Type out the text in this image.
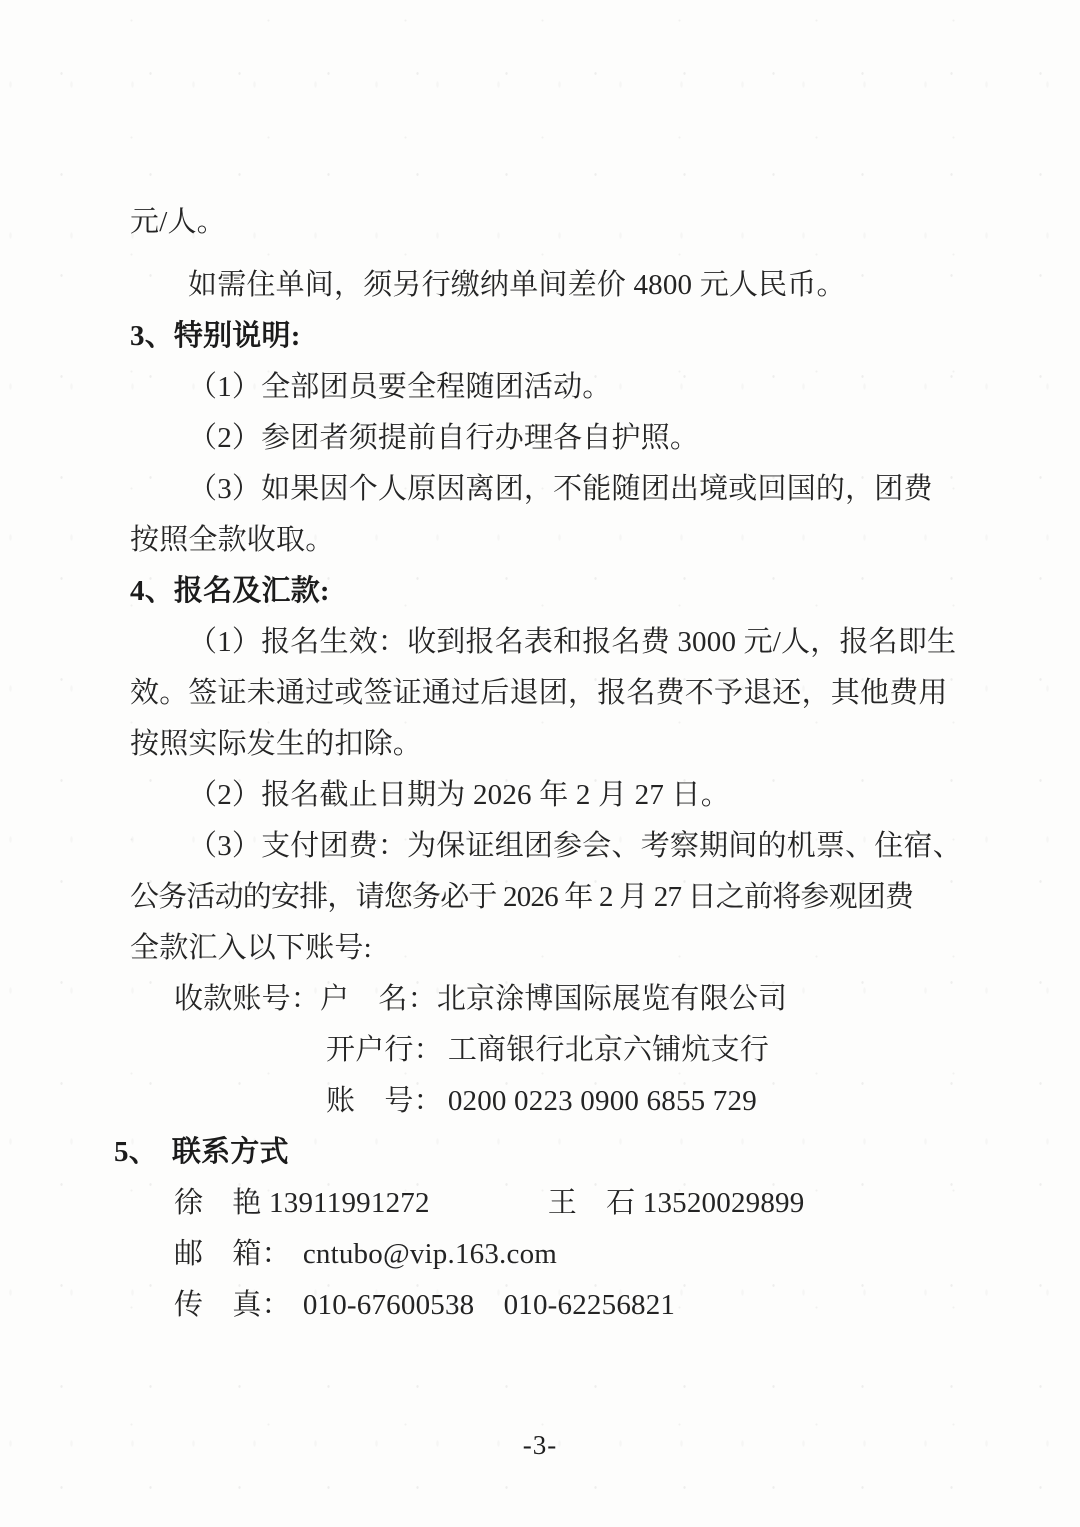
元/人。
如需住单间，须另行缴纳单间差价 4800 元人民币。
3、特别说明:
（1）全部团员要全程随团活动。
（2）参团者须提前自行办理各自护照。
（3）如果因个人原因离团，不能随团出境或回国的，团费
按照全款收取。
4、报名及汇款:
（1）报名生效：收到报名表和报名费 3000 元/人，报名即生
效。签证未通过或签证通过后退团，报名费不予退还，其他费用
按照实际发生的扣除。
（2）报名截止日期为 2026 年 2 月 27 日。
（3）支付团费：为保证组团参会、考察期间的机票、住宿、
公务活动的安排，请您务必于 2026 年 2 月 27 日之前将参观团费
全款汇入以下账号:
收款账号：户　名：北京涂博国际展览有限公司
开户行： 工商银行北京六铺炕支行
账　号： 0200 0223 0900 6855 729
5、 联系方式
徐　艳 13911991272	王　石 13520029899
邮　箱： cntubo@vip.163.com
传　真： 010-67600538　010-62256821
-3-
